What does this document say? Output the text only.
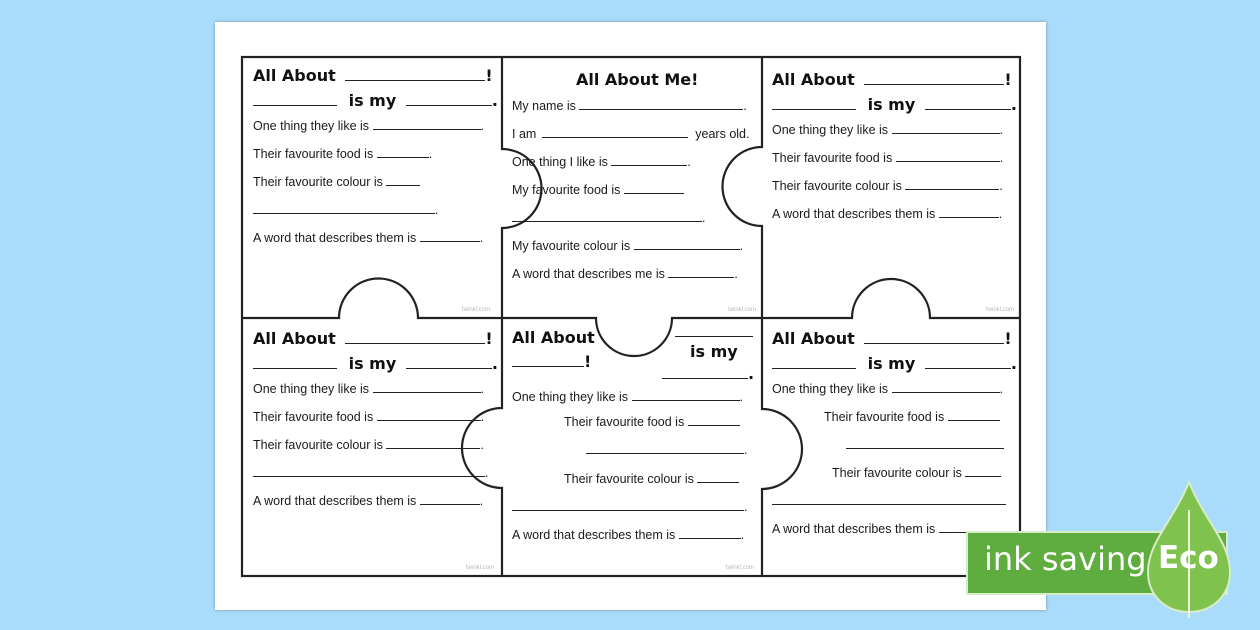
All About	!
is my	.
One thing they like is	.
Their favourite food is	.
Their favourite colour is
.
A word that describes them is	.
twinkl.com
All About Me!
My name is	.
I am	years old.
One thing I like is	.
My favourite food is
.
My favourite colour is	.
A word that describes me is	.
twinkl.com
All About	!
is my	.
One thing they like is	.
Their favourite food is	.
Their favourite colour is	.
A word that describes them is	.
twinkl.com
All About	!
is my	.
One thing they like is	.
Their favourite food is	.
Their favourite colour is	.
.
A word that describes them is	.
twinkl.com
All About
!
is my
.
One thing they like is	.
Their favourite food is
.
Their favourite colour is
.
A word that describes them is	.
twinkl.com
All About	!
is my	.
One thing they like is	.
Their favourite food is
Their favourite colour is
A word that describes them is
ink saving Eco
